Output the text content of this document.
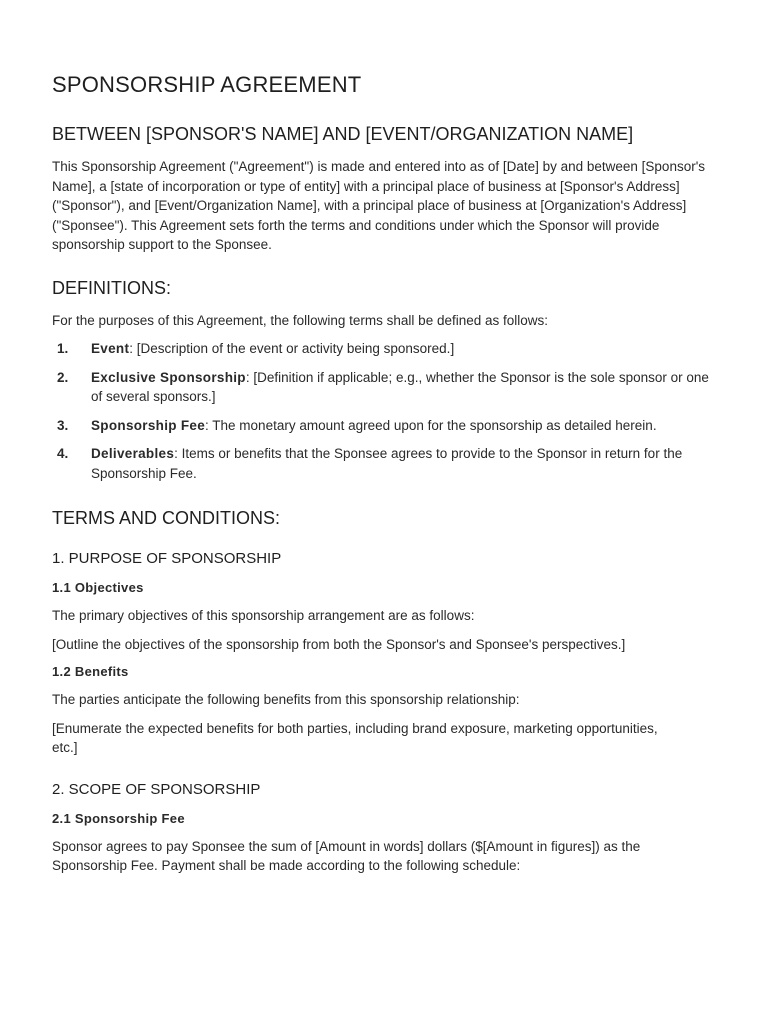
SPONSORSHIP AGREEMENT
BETWEEN [SPONSOR'S NAME] AND [EVENT/ORGANIZATION NAME]

This Sponsorship Agreement ("Agreement") is made and entered into as of [Date] by and between [Sponsor's Name], a [state of incorporation or type of entity] with a principal place of business at [Sponsor's Address] ("Sponsor"), and [Event/Organization Name], with a principal place of business at [Organization's Address] ("Sponsee"). This Agreement sets forth the terms and conditions under which the Sponsor will provide sponsorship support to the Sponsee.

DEFINITIONS:

For the purposes of this Agreement, the following terms shall be defined as follows:

1.	Event: [Description of the event or activity being sponsored.]
2.	Exclusive Sponsorship: [Definition if applicable; e.g., whether the Sponsor is the sole sponsor or one of several sponsors.]
3.	Sponsorship Fee: The monetary amount agreed upon for the sponsorship as detailed herein.
4.	Deliverables: Items or benefits that the Sponsee agrees to provide to the Sponsor in return for the Sponsorship Fee.
TERMS AND CONDITIONS:
1. PURPOSE OF SPONSORSHIP
1.1 Objectives

The primary objectives of this sponsorship arrangement are as follows:

[Outline the objectives of the sponsorship from both the Sponsor's and Sponsee's perspectives.]

1.2 Benefits

The parties anticipate the following benefits from this sponsorship relationship:

[Enumerate the expected benefits for both parties, including brand exposure, marketing opportunities, etc.]

2. SCOPE OF SPONSORSHIP
2.1 Sponsorship Fee

Sponsor agrees to pay Sponsee the sum of [Amount in words] dollars ($[Amount in figures]) as the Sponsorship Fee. Payment shall be made according to the following schedule:
